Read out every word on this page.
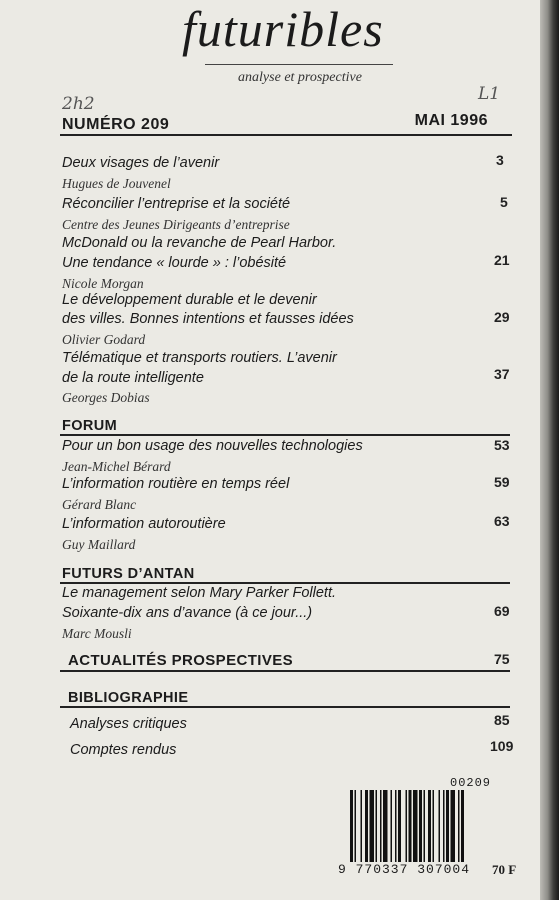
futuribles
analyse et prospective
2h2	L1
NUMÉRO 209	MAI 1996
Deux visages de l’avenir	3
Hugues de Jouvenel
Réconcilier l’entreprise et la société	5
Centre des Jeunes Dirigeants d’entreprise
McDonald ou la revanche de Pearl Harbor.
Une tendance « lourde » : l’obésité	21
Nicole Morgan
Le développement durable et le devenir
des villes. Bonnes intentions et fausses idées	29
Olivier Godard
Télématique et transports routiers. L’avenir
de la route intelligente	37
Georges Dobias
FORUM
Pour un bon usage des nouvelles technologies	53
Jean-Michel Bérard
L’information routière en temps réel	59
Gérard Blanc
L’information autoroutière	63
Guy Maillard
FUTURS D’ANTAN
Le management selon Mary Parker Follett.
Soixante-dix ans d’avance (à ce jour...)	69
Marc Mousli
ACTUALITÉS PROSPECTIVES	75
BIBLIOGRAPHIE
Analyses critiques	85
Comptes rendus	109
00209
9 770337 307004 70 F
